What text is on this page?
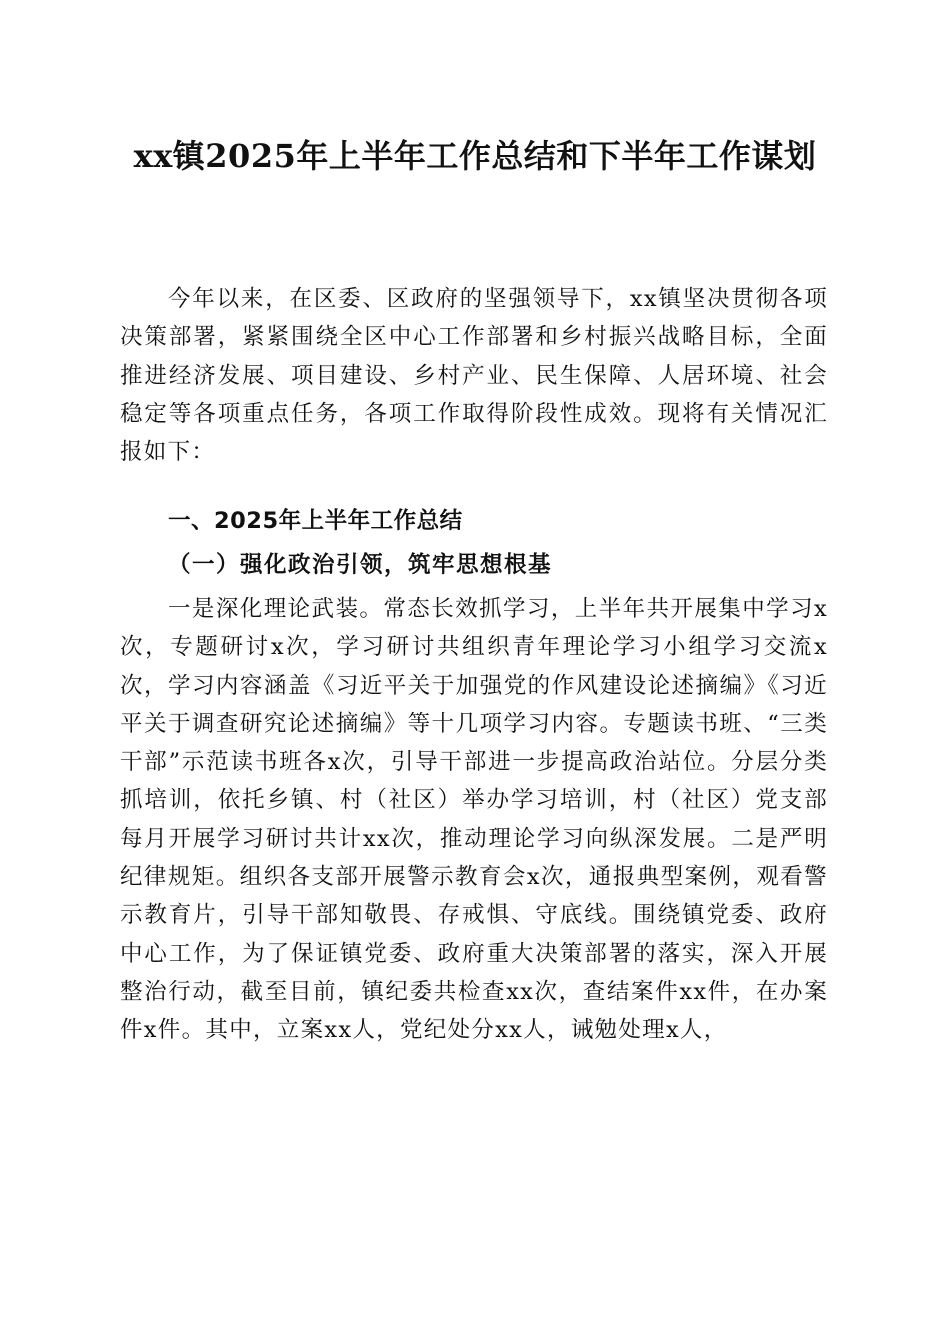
xx镇2025年上半年工作总结和下半年工作谋划

今年以来，在区委、区政府的坚强领导下，xx镇坚决贯彻各项决策部署，紧紧围绕全区中心工作部署和乡村振兴战略目标，全面推进经济发展、项目建设、乡村产业、民生保障、人居环境、社会稳定等各项重点任务，各项工作取得阶段性成效。现将有关情况汇报如下：

一、2025年上半年工作总结
（一）强化政治引领，筑牢思想根基

一是深化理论武装。常态长效抓学习，上半年共开展集中学习x次，专题研讨x次，学习研讨共组织青年理论学习小组学习交流x次，学习内容涵盖《习近平关于加强党的作风建设论述摘编》《习近平关于调查研究论述摘编》等十几项学习内容。专题读书班、“三类干部”示范读书班各x次，引导干部进一步提高政治站位。分层分类抓培训，依托乡镇、村（社区）举办学习培训，村（社区）党支部每月开展学习研讨共计xx次，推动理论学习向纵深发展。二是严明纪律规矩。组织各支部开展警示教育会x次，通报典型案例，观看警示教育片，引导干部知敬畏、存戒惧、守底线。围绕镇党委、政府中心工作，为了保证镇党委、政府重大决策部署的落实，深入开展整治行动，截至目前，镇纪委共检查xx次，查结案件xx件，在办案件x件。其中，立案xx人，党纪处分xx人，诫勉处理x人，
